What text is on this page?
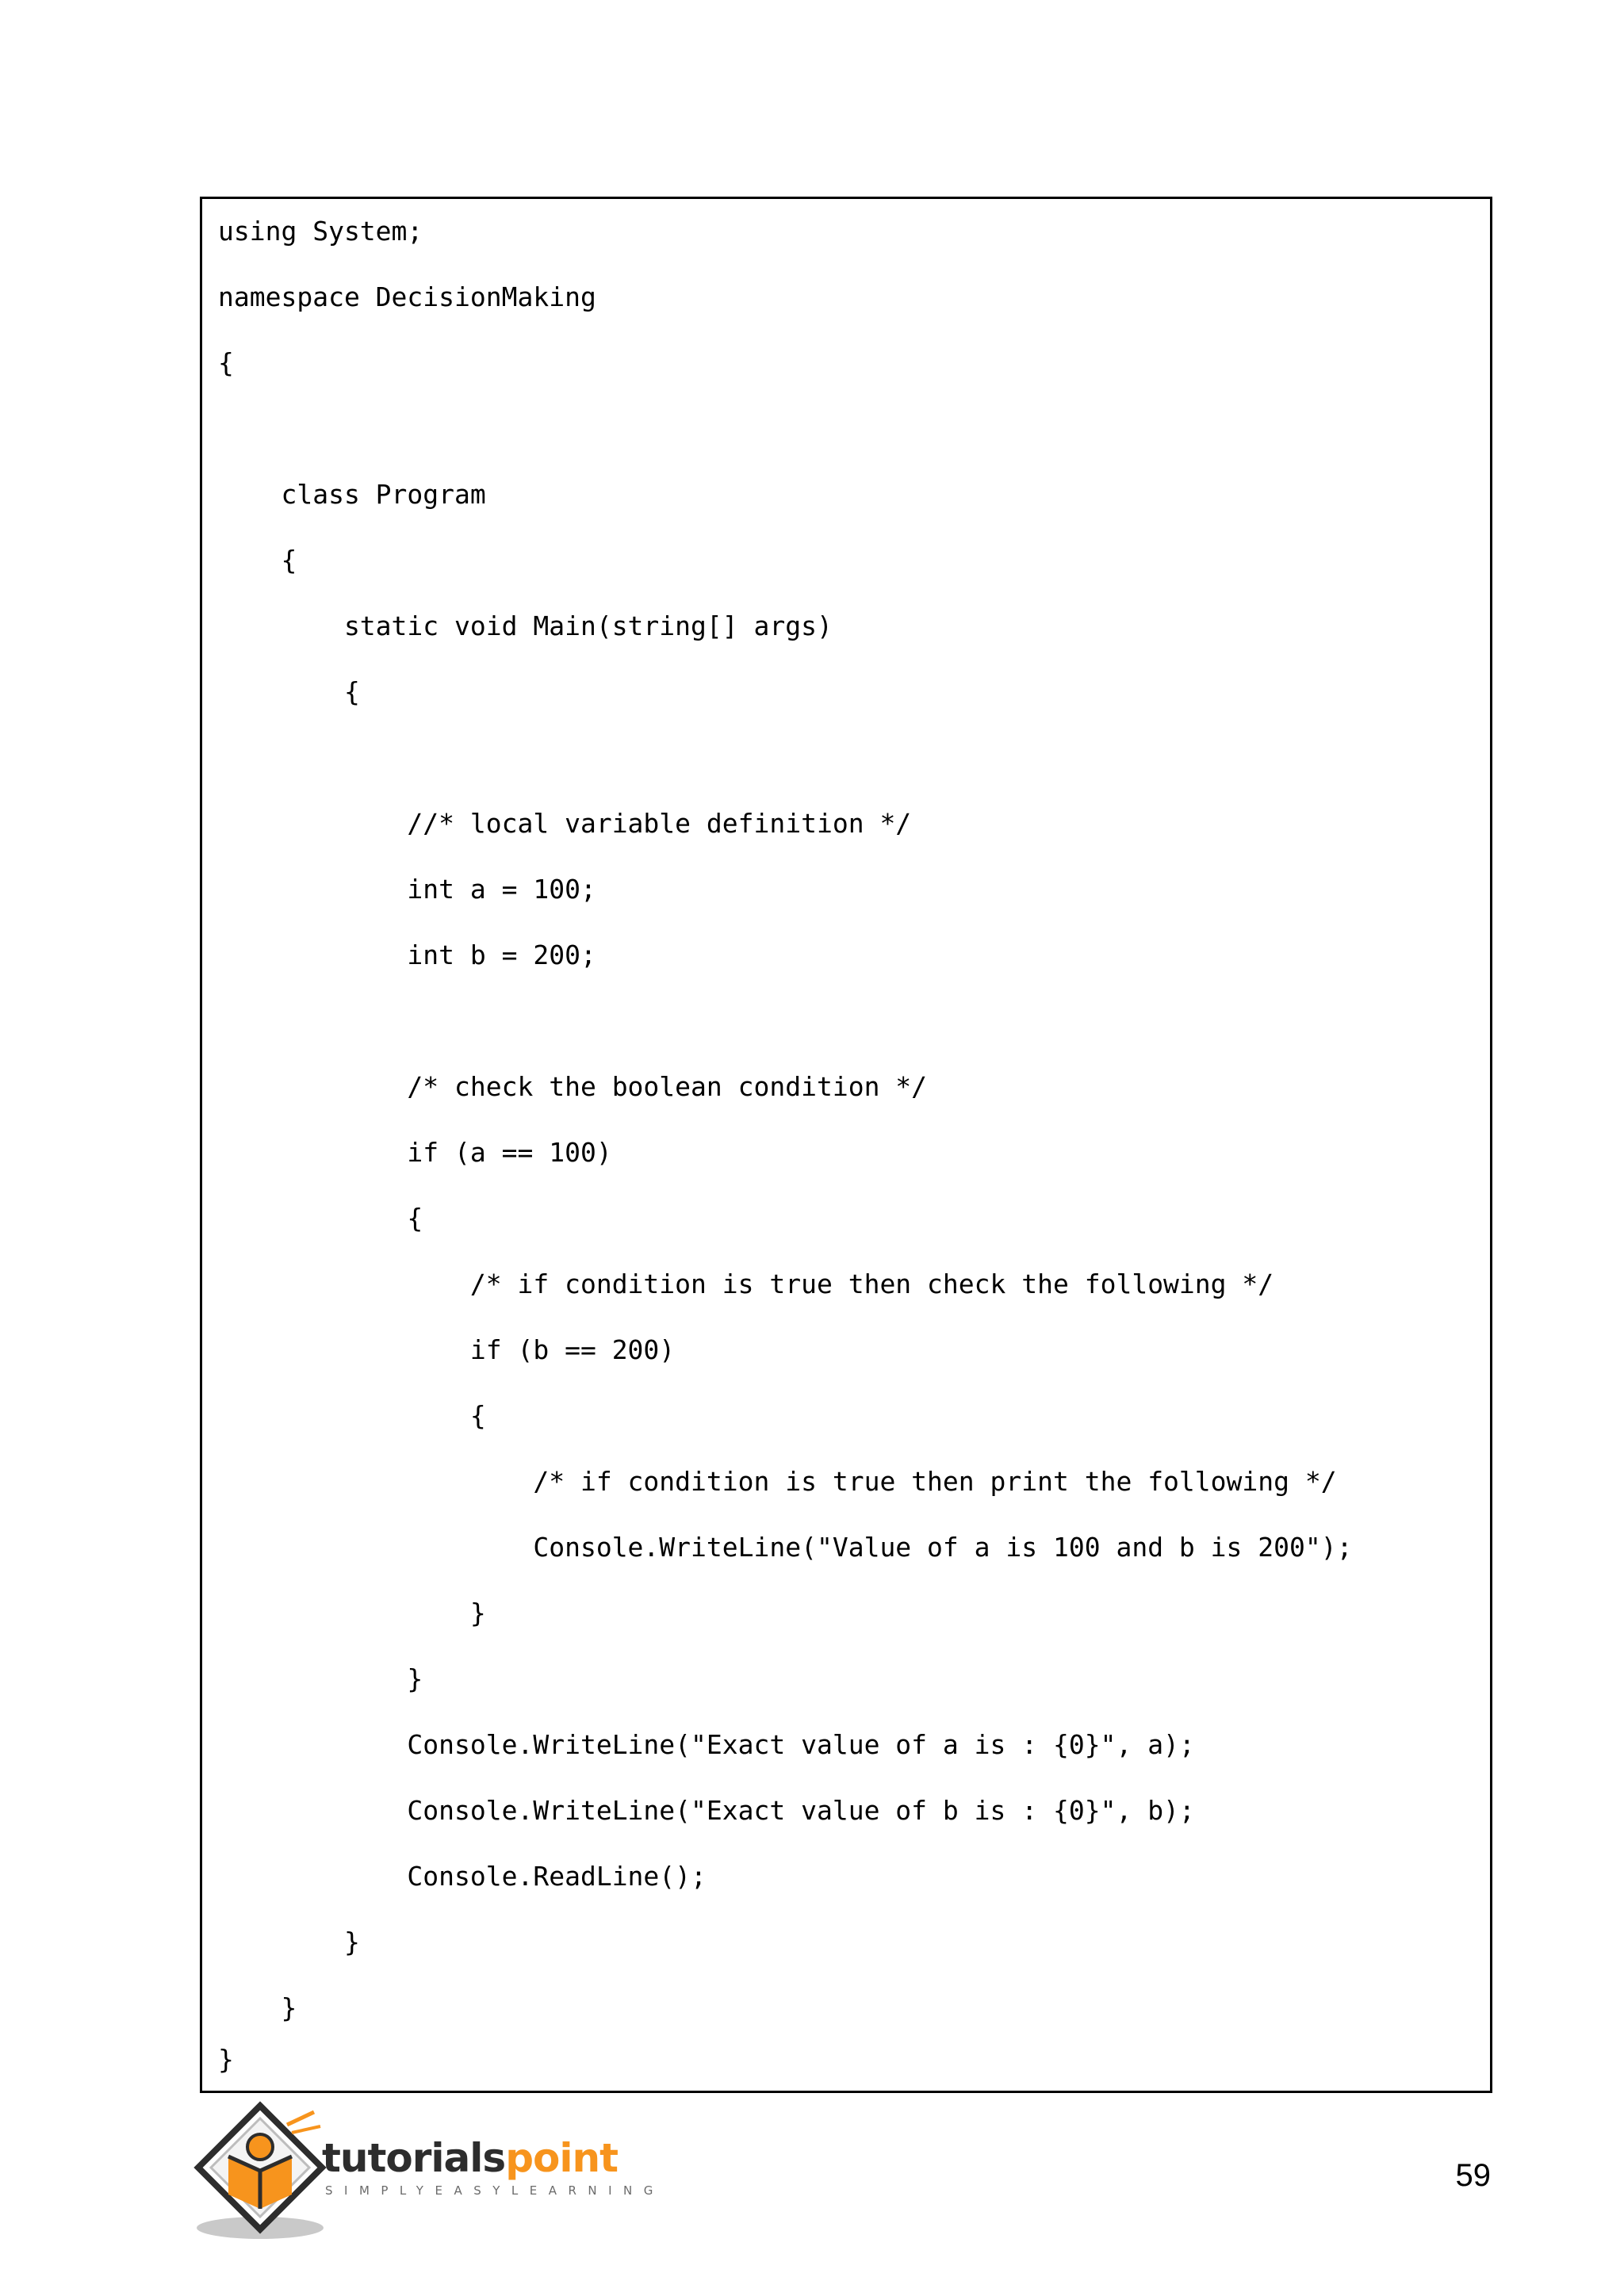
using System;
namespace DecisionMaking
{
class Program
{
static void Main(string[] args)
{
//* local variable definition */
int a = 100;
int b = 200;
/* check the boolean condition */
if (a == 100)
{
/* if condition is true then check the following */
if (b == 200)
{
/* if condition is true then print the following */
Console.WriteLine("Value of a is 100 and b is 200");
}
}
Console.WriteLine("Exact value of a is : {0}", a);
Console.WriteLine("Exact value of b is : {0}", b);
Console.ReadLine();
}
}
}
tutorialspoint
SIMPLYEASYLEARNING	59
